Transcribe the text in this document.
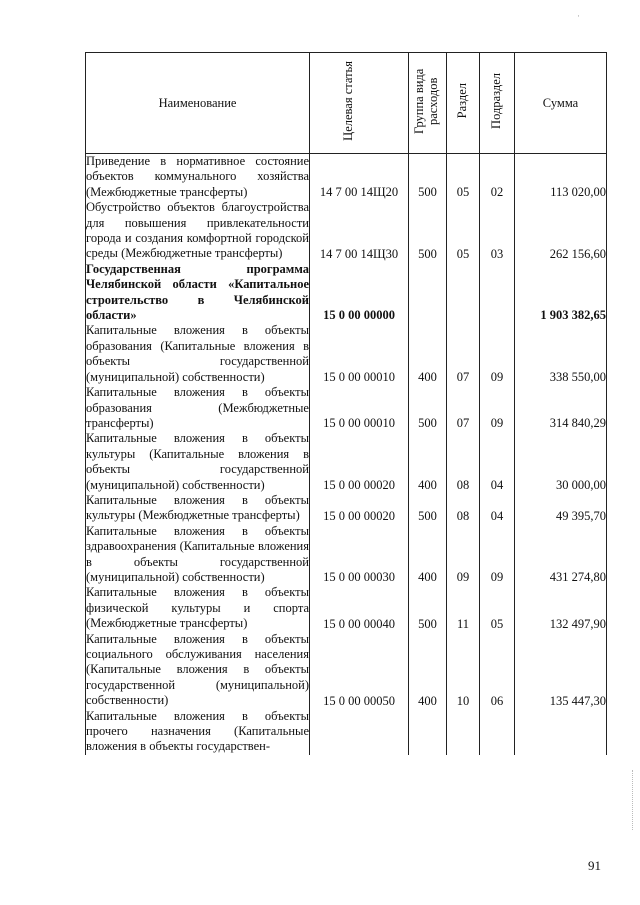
·
Наименование	Целевая статья	Группа вида расходов	Раздел	Подраздел	Сумма
Приведение в нормативное состояние объектов коммунального хозяйства (Межбюджетные трансферты)	14 7 00 14Щ20	500	05	02	113 020,00
Обустройство объектов благоустройства для повышения привлекательности города и создания комфортной городской среды (Межбюджетные трансферты)	14 7 00 14Щ30	500	05	03	262 156,60
Государственная программа Челябинской области «Капитальное строительство в Челябинской области»	15 0 00 00000				1 903 382,65
Капитальные вложения в объекты образования (Капитальные вложения в объекты государственной (муниципальной) собственности)	15 0 00 00010	400	07	09	338 550,00
Капитальные вложения в объекты образования (Межбюджетные трансферты)	15 0 00 00010	500	07	09	314 840,29
Капитальные вложения в объекты культуры (Капитальные вложения в объекты государственной (муниципальной) собственности)	15 0 00 00020	400	08	04	30 000,00
Капитальные вложения в объекты культуры (Межбюджетные трансферты)	15 0 00 00020	500	08	04	49 395,70
Капитальные вложения в объекты здравоохранения (Капитальные вложения в объекты государственной (муниципальной) собственности)	15 0 00 00030	400	09	09	431 274,80
Капитальные вложения в объекты физической культуры и спорта (Межбюджетные трансферты)	15 0 00 00040	500	11	05	132 497,90
Капитальные вложения в объекты социального обслуживания населения (Капитальные вложения в объекты государственной (муниципальной) собственности)	15 0 00 00050	400	10	06	135 447,30
Капитальные вложения в объекты прочего назначения (Капитальные вложения в объекты государствен-					
91
